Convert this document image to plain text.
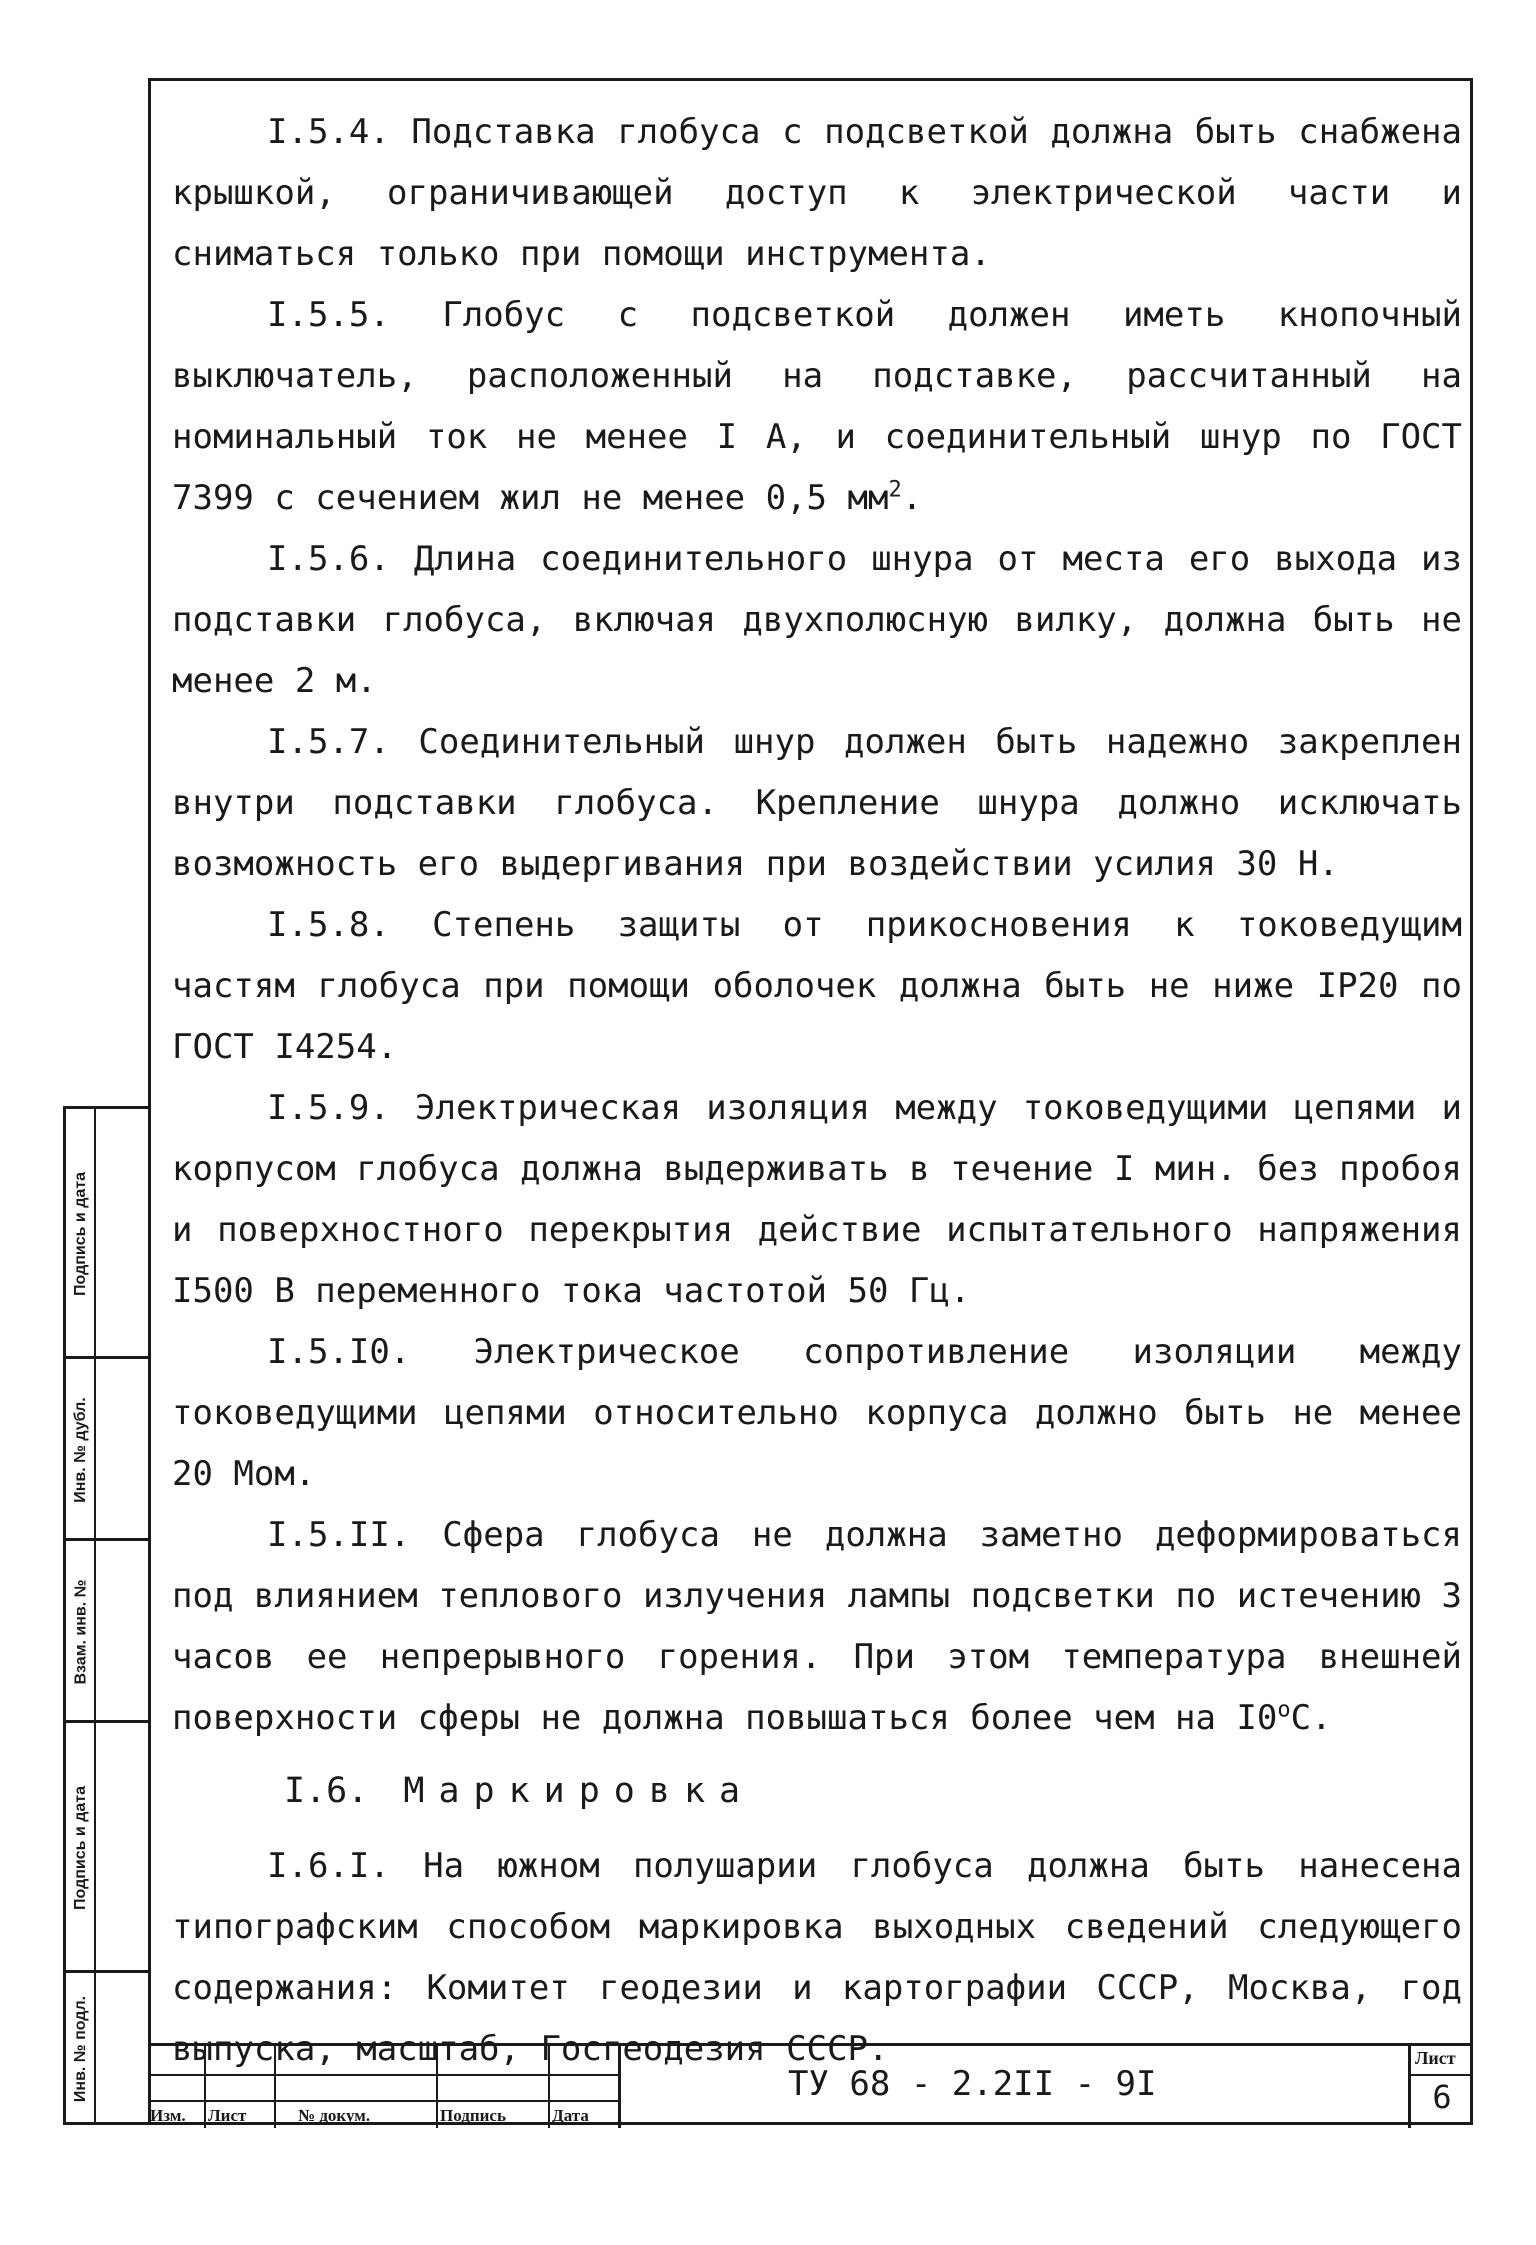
I.5.4. Подставка глобуса с подсветкой должна быть снабжена крышкой, ограничивающей доступ к электрической части и сниматься только при помощи инструмента.

I.5.5. Глобус с подсветкой должен иметь кнопочный выключатель, расположенный на подставке, рассчитанный на номинальный ток не менее I А, и соединительный шнур по ГОСТ 7399 с сечением жил не менее 0,5 $мм^2$.

I.5.6. Длина соединительного шнура от места его выхода из подставки глобуса, включая двухполюсную вилку, должна быть не менее 2 м.

I.5.7. Соединительный шнур должен быть надежно закреплен внутри подставки глобуса. Крепление шнура должно исключать возможность его выдергивания при воздействии усилия 30 Н.

I.5.8. Степень защиты от прикосновения к токоведущим частям глобуса при помощи оболочек должна быть не ниже IP20 по ГОСТ I4254.

I.5.9. Электрическая изоляция между токоведущими цепями и корпусом глобуса должна выдерживать в течение I мин. без пробоя и поверхностного перекрытия действие испытательного напряжения I500 В переменного тока частотой 50 Гц.

I.5.I0. Электрическое сопротивление изоляции между токоведущими цепями относительно корпуса должно быть не менее 20 Мом.

I.5.II. Сфера глобуса не должна заметно деформироваться под влиянием теплового излучения лампы подсветки по истечению 3 часов ее непрерывного горения. При этом температура внешней поверхности сферы не должна повышаться более чем на $I0^оС$.

I.6. Маркировка

I.6.I. На южном полушарии глобуса должна быть нанесена типографским способом маркировка выходных сведений следующего содержания: Комитет геодезии и картографии СССР, Москва, год выпуска, масштаб, Госгеодезия СССР.

Подпись и дата
Инв. № дубл.
Взам. инв. №
Подпись и дата
Инв. № подл.
Изм. Лист	№ докум.	Подпись	Дата
ТУ 68 - 2.2II - 9I
Лист
6
